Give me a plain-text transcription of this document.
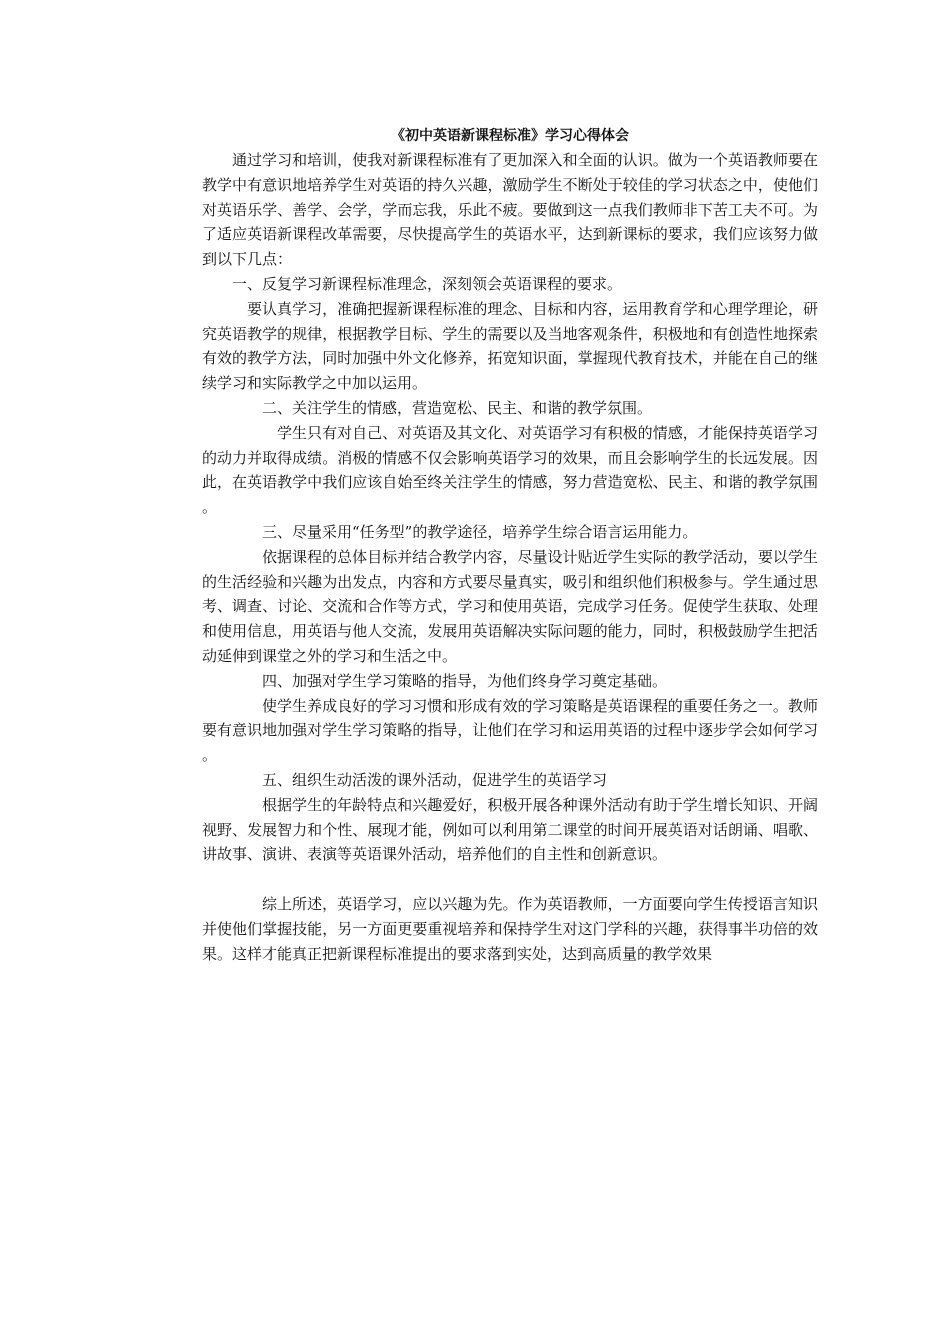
《初中英语新课程标准》学习心得体会

通过学习和培训，使我对新课程标准有了更加深入和全面的认识。做为一个英语教师要在教学中有意识地培养学生对英语的持久兴趣，激励学生不断处于较佳的学习状态之中，使他们对英语乐学、善学、会学，学而忘我，乐此不疲。要做到这一点我们教师非下苦工夫不可。为了适应英语新课程改革需要，尽快提高学生的英语水平，达到新课标的要求，我们应该努力做到以下几点：

一、反复学习新课程标准理念，深刻领会英语课程的要求。

要认真学习，准确把握新课程标准的理念、目标和内容，运用教育学和心理学理论，研究英语教学的规律，根据教学目标、学生的需要以及当地客观条件，积极地和有创造性地探索有效的教学方法，同时加强中外文化修养，拓宽知识面，掌握现代教育技术，并能在自己的继续学习和实际教学之中加以运用。

二、关注学生的情感，营造宽松、民主、和谐的教学氛围。

学生只有对自己、对英语及其文化、对英语学习有积极的情感，才能保持英语学习的动力并取得成绩。消极的情感不仅会影响英语学习的效果，而且会影响学生的长远发展。因此，在英语教学中我们应该自始至终关注学生的情感，努力营造宽松、民主、和谐的教学氛围。

三、尽量采用“任务型”的教学途径，培养学生综合语言运用能力。

依据课程的总体目标并结合教学内容，尽量设计贴近学生实际的教学活动，要以学生的生活经验和兴趣为出发点，内容和方式要尽量真实，吸引和组织他们积极参与。学生通过思考、调查、讨论、交流和合作等方式，学习和使用英语，完成学习任务。促使学生获取、处理和使用信息，用英语与他人交流，发展用英语解决实际问题的能力，同时，积极鼓励学生把活动延伸到课堂之外的学习和生活之中。

四、加强对学生学习策略的指导，为他们终身学习奠定基础。

使学生养成良好的学习习惯和形成有效的学习策略是英语课程的重要任务之一。教师要有意识地加强对学生学习策略的指导，让他们在学习和运用英语的过程中逐步学会如何学习。

五、组织生动活泼的课外活动，促进学生的英语学习

根据学生的年龄特点和兴趣爱好，积极开展各种课外活动有助于学生增长知识、开阔视野、发展智力和个性、展现才能，例如可以利用第二课堂的时间开展英语对话朗诵、唱歌、讲故事、演讲、表演等英语课外活动，培养他们的自主性和创新意识。

综上所述，英语学习，应以兴趣为先。作为英语教师，一方面要向学生传授语言知识并使他们掌握技能，另一方面更要重视培养和保持学生对这门学科的兴趣，获得事半功倍的效果。这样才能真正把新课程标准提出的要求落到实处，达到高质量的教学效果
